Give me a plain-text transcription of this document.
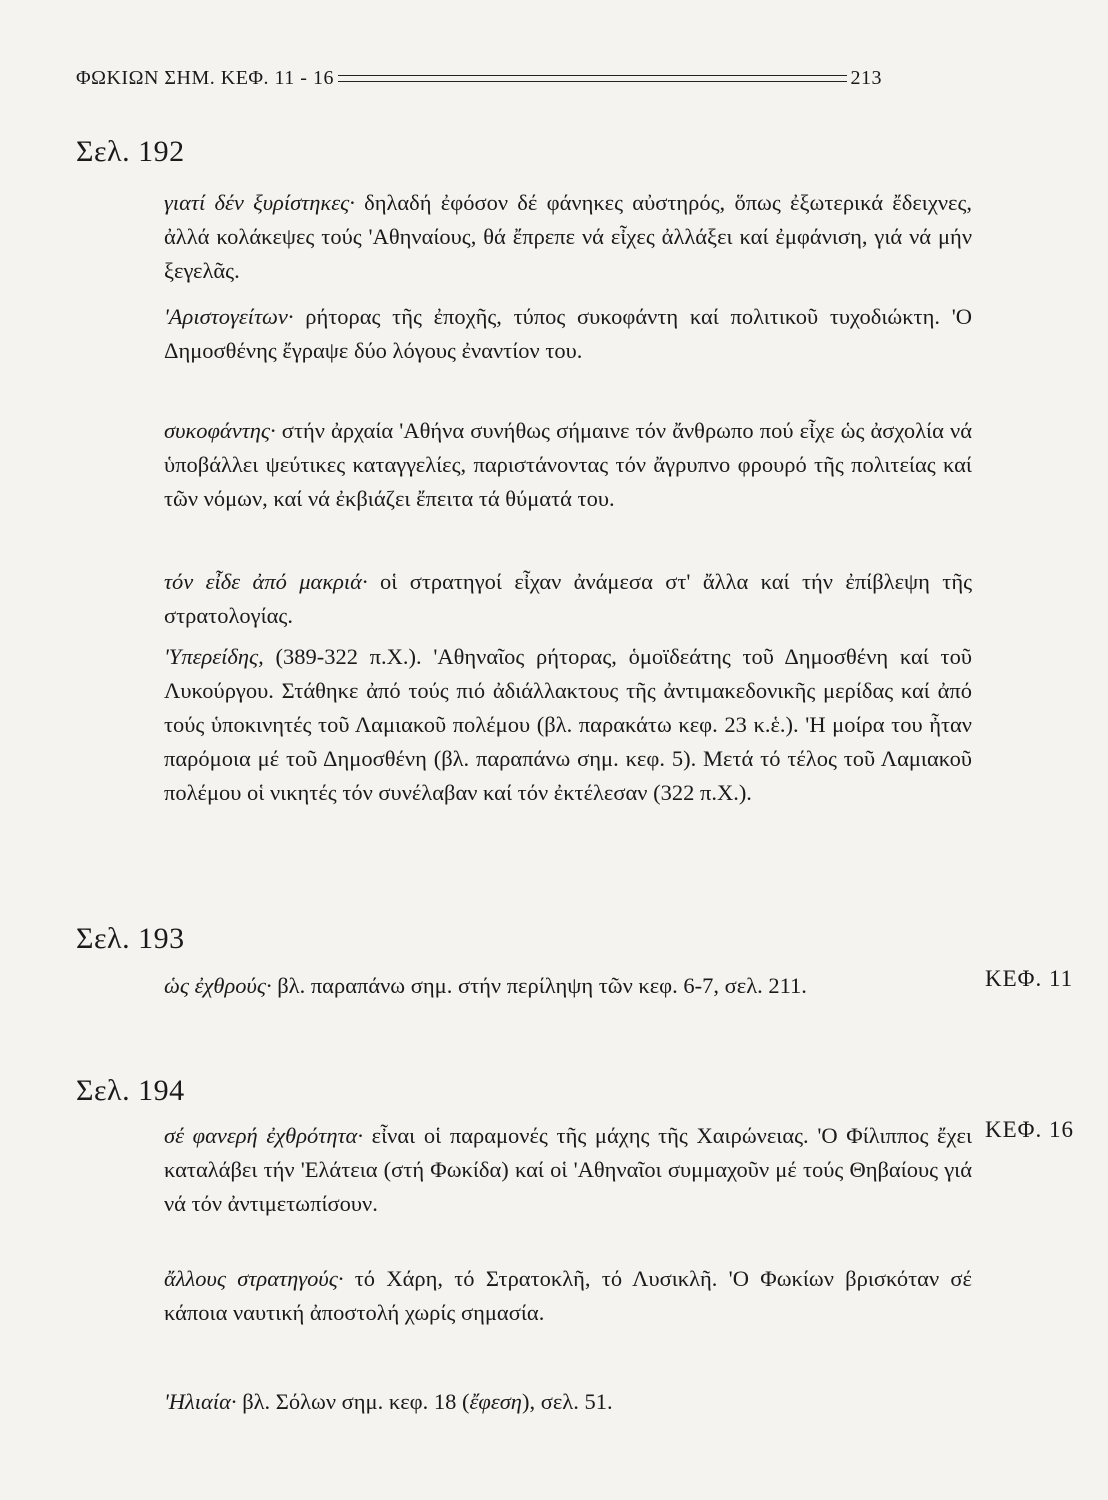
ΦΩΚΙΩΝ ΣΗΜ. ΚΕΦ. 11 - 16	213
Σελ. 192

γιατί δέν ξυρίστηκες· δηλαδή ἐφόσον δέ φάνηκες αὐστηρός, ὅπως ἐξωτερικά ἔδειχνες, ἀλλά κολάκεψες τούς 'Αθηναίους, θά ἔπρεπε νά εἶχες ἀλλάξει καί ἐμφάνιση, γιά νά μήν ξεγελᾶς.

'Αριστογείτων· ρήτορας τῆς ἐποχῆς, τύπος συκοφάντη καί πολιτικοῦ τυχοδιώκτη. 'Ο Δημοσθένης ἔγραψε δύο λόγους ἐναντίον του.

συκοφάντης· στήν ἀρχαία 'Αθήνα συνήθως σήμαινε τόν ἄνθρωπο πού εἶχε ὡς ἀσχολία νά ὑποβάλλει ψεύτικες καταγγελίες, παριστάνοντας τόν ἄγρυπνο φρουρό τῆς πολιτείας καί τῶν νόμων, καί νά ἐκβιάζει ἔπειτα τά θύματά του.

τόν εἶδε ἀπό μακριά· οἱ στρατηγοί εἶχαν ἀνάμεσα στ' ἄλλα καί τήν ἐπίβλεψη τῆς στρατολογίας.

'Υπερείδης, (389-322 π.Χ.). 'Αθηναῖος ρήτορας, ὁμοϊδεάτης τοῦ Δημοσθένη καί τοῦ Λυκούργου. Στάθηκε ἀπό τούς πιό ἀδιάλλακτους τῆς ἀντιμακεδονικῆς μερίδας καί ἀπό τούς ὑποκινητές τοῦ Λαμιακοῦ πολέμου (βλ. παρακάτω κεφ. 23 κ.ἑ.). 'Η μοίρα του ἦταν παρόμοια μέ τοῦ Δημοσθένη (βλ. παραπάνω σημ. κεφ. 5). Μετά τό τέλος τοῦ Λαμιακοῦ πολέμου οἱ νικητές τόν συνέλαβαν καί τόν ἐκτέλεσαν (322 π.Χ.).

Σελ. 193

ὡς ἐχθρούς· βλ. παραπάνω σημ. στήν περίληψη τῶν κεφ. 6-7, σελ. 211.	ΚΕΦ. 11
Σελ. 194

σέ φανερή ἐχθρότητα· εἶναι οἱ παραμονές τῆς μάχης τῆς Χαιρώνειας. 'Ο Φίλιππος ἔχει καταλάβει τήν 'Ελάτεια (στή Φωκίδα) καί οἱ 'Αθηναῖοι συμμαχοῦν μέ τούς Θηβαίους γιά νά τόν ἀντιμετωπίσουν.

ΚΕΦ. 16

ἄλλους στρατηγούς· τό Χάρη, τό Στρατοκλῆ, τό Λυσικλῆ. 'Ο Φωκίων βρισκόταν σέ κάποια ναυτική ἀποστολή χωρίς σημασία.

'Ηλιαία· βλ. Σόλων σημ. κεφ. 18 (ἔφεση), σελ. 51.
